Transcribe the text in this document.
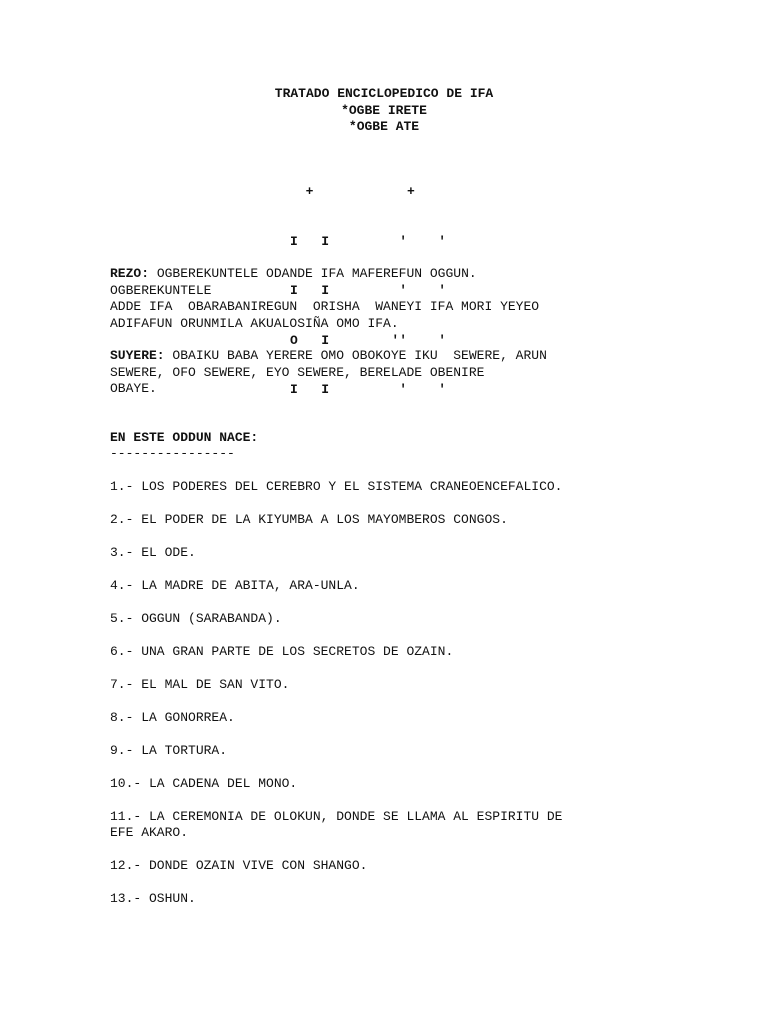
TRATADO ENCICLOPEDICO DE IFA
*OGBE IRETE
*OGBE ATE

+            +

I   I         '    '

I   I         '    '

O   I        ''    '

I   I         '    '

REZO: OGBEREKUNTELE ODANDE IFA MAFEREFUN OGGUN.

OGBEREKUNTELE

ADDE IFA  OBARABANIREGUN  ORISHA  WANEYI IFA MORI YEYEO

ADIFAFUN ORUNMILA AKUALOSIÑA OMO IFA.

SUYERE: OBAIKU BABA YERERE OMO OBOKOYE IKU  SEWERE, ARUN

SEWERE, OFO SEWERE, EYO SEWERE, BERELADE OBENIRE

OBAYE.

EN ESTE ODDUN NACE:

----------------

1.- LOS PODERES DEL CEREBRO Y EL SISTEMA CRANEOENCEFALICO.
2.- EL PODER DE LA KIYUMBA A LOS MAYOMBEROS CONGOS.
3.- EL ODE.
4.- LA MADRE DE ABITA, ARA-UNLA.
5.- OGGUN (SARABANDA).
6.- UNA GRAN PARTE DE LOS SECRETOS DE OZAIN.
7.- EL MAL DE SAN VITO.
8.- LA GONORREA.
9.- LA TORTURA.
10.- LA CADENA DEL MONO.
11.- LA CEREMONIA DE OLOKUN, DONDE SE LLAMA AL ESPIRITU DE
EFE AKARO.
12.- DONDE OZAIN VIVE CON SHANGO.
13.- OSHUN.
